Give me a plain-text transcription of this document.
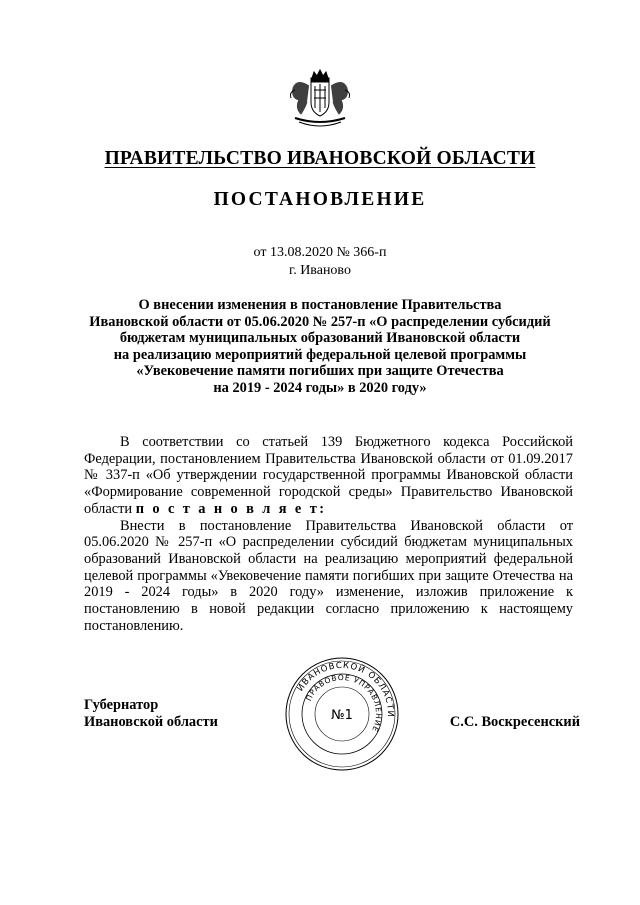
ПРАВИТЕЛЬСТВО ИВАНОВСКОЙ ОБЛАСТИ
ПОСТАНОВЛЕНИЕ
от 13.08.2020 № 366-п
г. Иваново
О внесении изменения в постановление Правительства
Ивановской области от 05.06.2020 № 257-п «О распределении субсидий
бюджетам муниципальных образований Ивановской области
на реализацию мероприятий федеральной целевой программы
«Увековечение памяти погибших при защите Отечества
на 2019 - 2024 годы» в 2020 году»

В соответствии со статьей 139 Бюджетного кодекса Российской Федерации, постановлением Правительства Ивановской области от 01.09.2017 № 337-п «Об утверждении государственной программы Ивановской области «Формирование современной городской среды» Правительство Ивановской области п о с т а н о в л я е т:

Внести в постановление Правительства Ивановской области от 05.06.2020 № 257-п «О распределении субсидий бюджетам муниципальных образований Ивановской области на реализацию мероприятий федеральной целевой программы «Увековечение памяти погибших при защите Отечества на 2019 - 2024 годы» в 2020 году» изменение, изложив приложение к постановлению в новой редакции согласно приложению к настоящему постановлению.

Губернатор
Ивановской области
ИВАНОВСКОЙ ОБЛАСТИ
ПРАВОВОЕ УПРАВЛЕНИЕ
№1	С.С. Воскресенский
